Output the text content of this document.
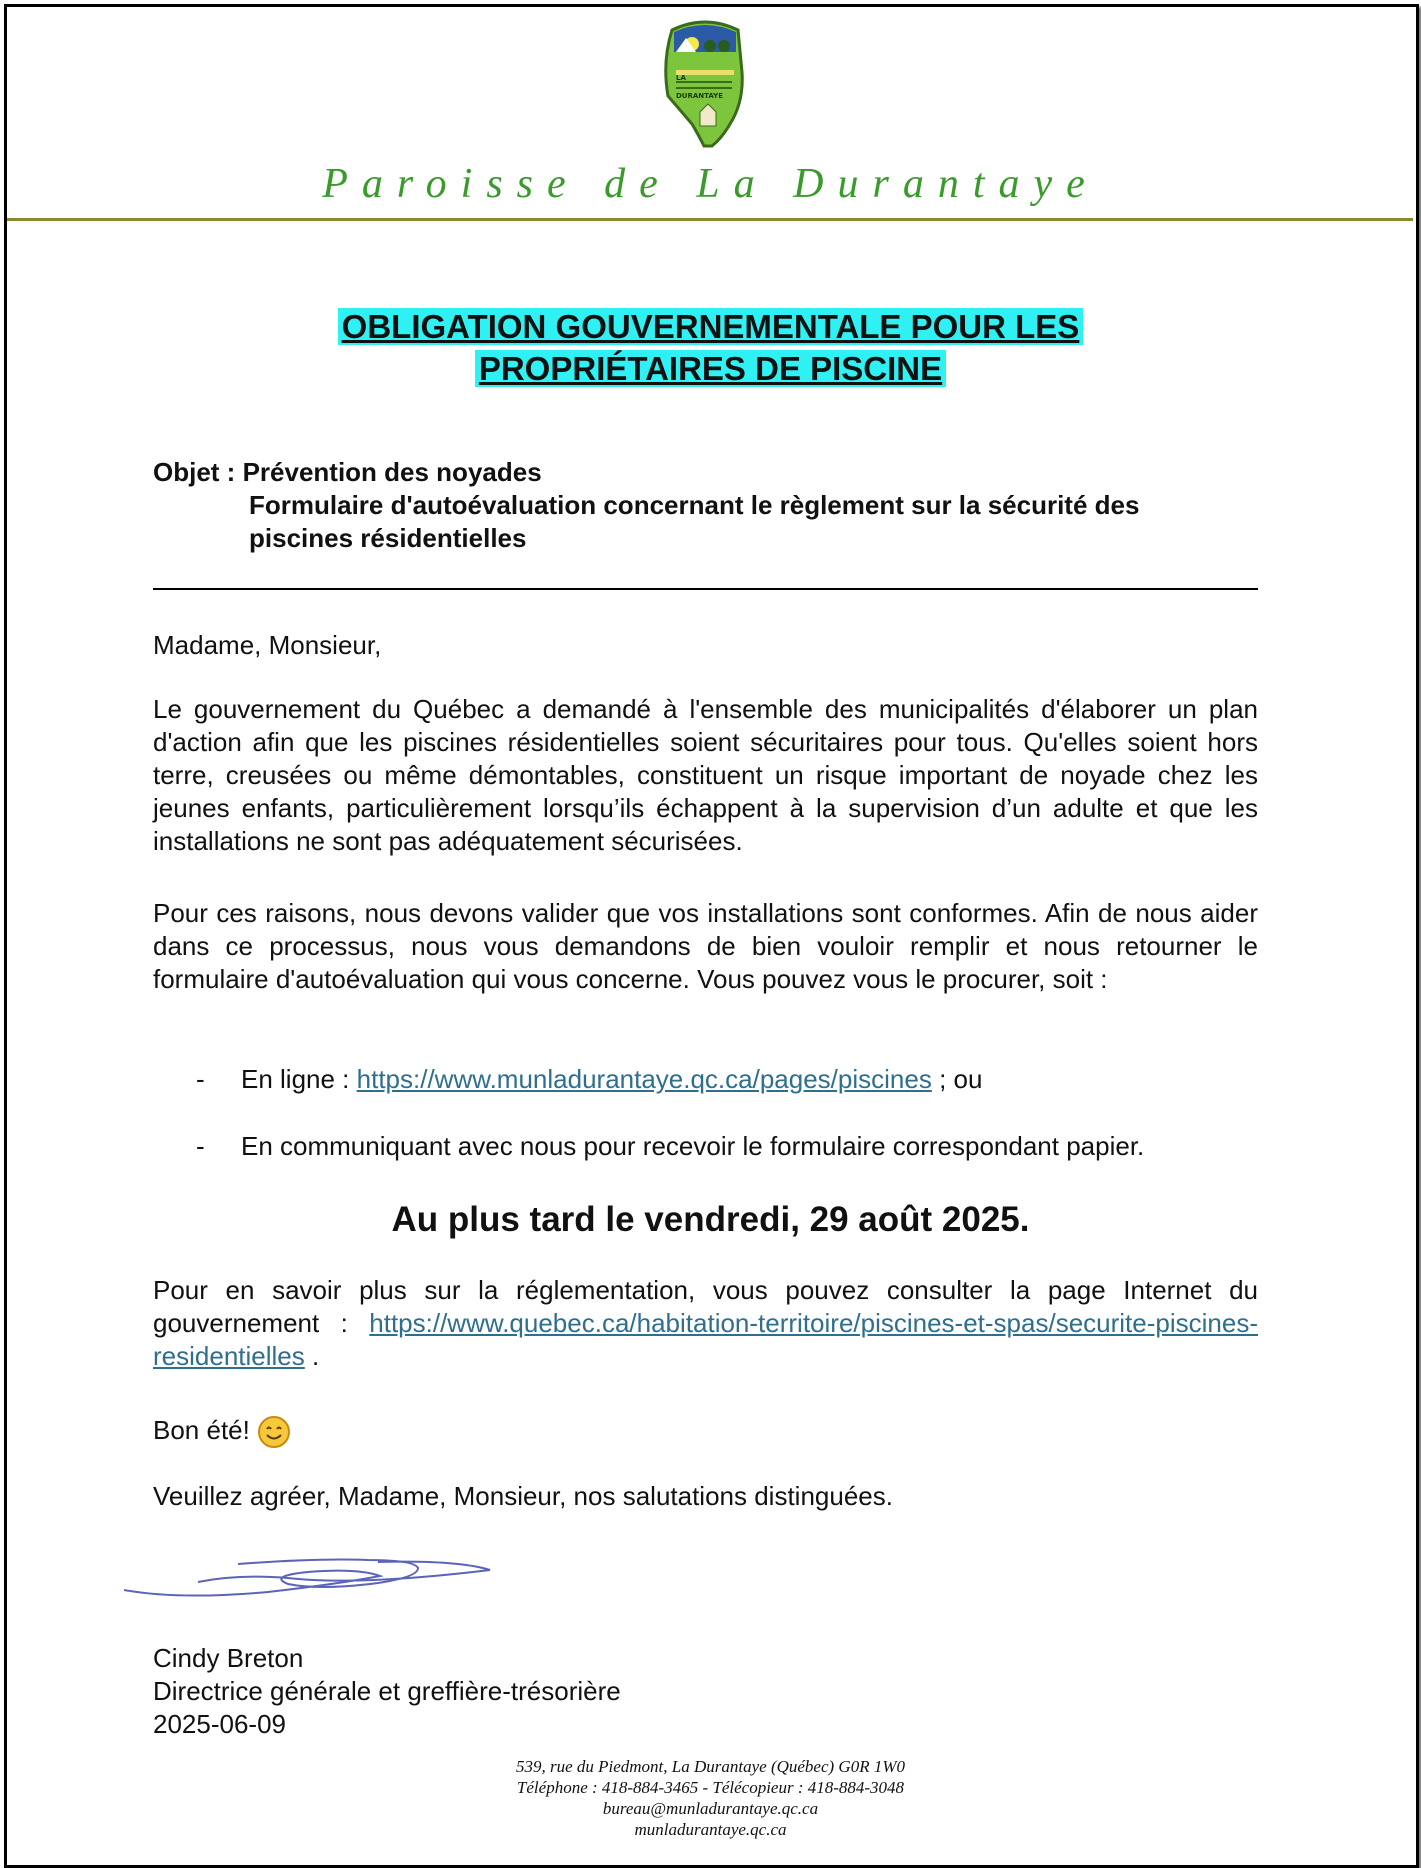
LA
DURANTAYE
Paroisse de La Durantaye
OBLIGATION GOUVERNEMENTALE POUR LES
PROPRIÉTAIRES DE PISCINE
Objet : Prévention des noyades

Formulaire d'autoévaluation concernant le règlement sur la sécurité des
piscines résidentielles
Madame, Monsieur,
Le gouvernement du Québec a demandé à l'ensemble des municipalités d'élaborer un plan d'action afin que les piscines résidentielles soient sécuritaires pour tous. Qu'elles soient hors terre, creusées ou même démontables, constituent un risque important de noyade chez les jeunes enfants, particulièrement lorsqu’ils échappent à la supervision d’un adulte et que les installations ne sont pas adéquatement sécurisées.
Pour ces raisons, nous devons valider que vos installations sont conformes. Afin de nous aider dans ce processus, nous vous demandons de bien vouloir remplir et nous retourner le formulaire d'autoévaluation qui vous concerne. Vous pouvez vous le procurer, soit :
- En ligne : https://www.munladurantaye.qc.ca/pages/piscines ; ou
- En communiquant avec nous pour recevoir le formulaire correspondant papier.
Au plus tard le vendredi, 29 août 2025.
Pour en savoir plus sur la réglementation, vous pouvez consulter la page Internet du gouvernement : https://www.quebec.ca/habitation-territoire/piscines-et-spas/securite-piscines-residentielles .
Bon été!
Veuillez agréer, Madame, Monsieur, nos salutations distinguées.
Cindy Breton
Directrice générale et greffière-trésorière
2025-06-09
539, rue du Piedmont, La Durantaye (Québec) G0R 1W0
Téléphone : 418-884-3465 - Télécopieur : 418-884-3048
bureau@munladurantaye.qc.ca
munladurantaye.qc.ca
